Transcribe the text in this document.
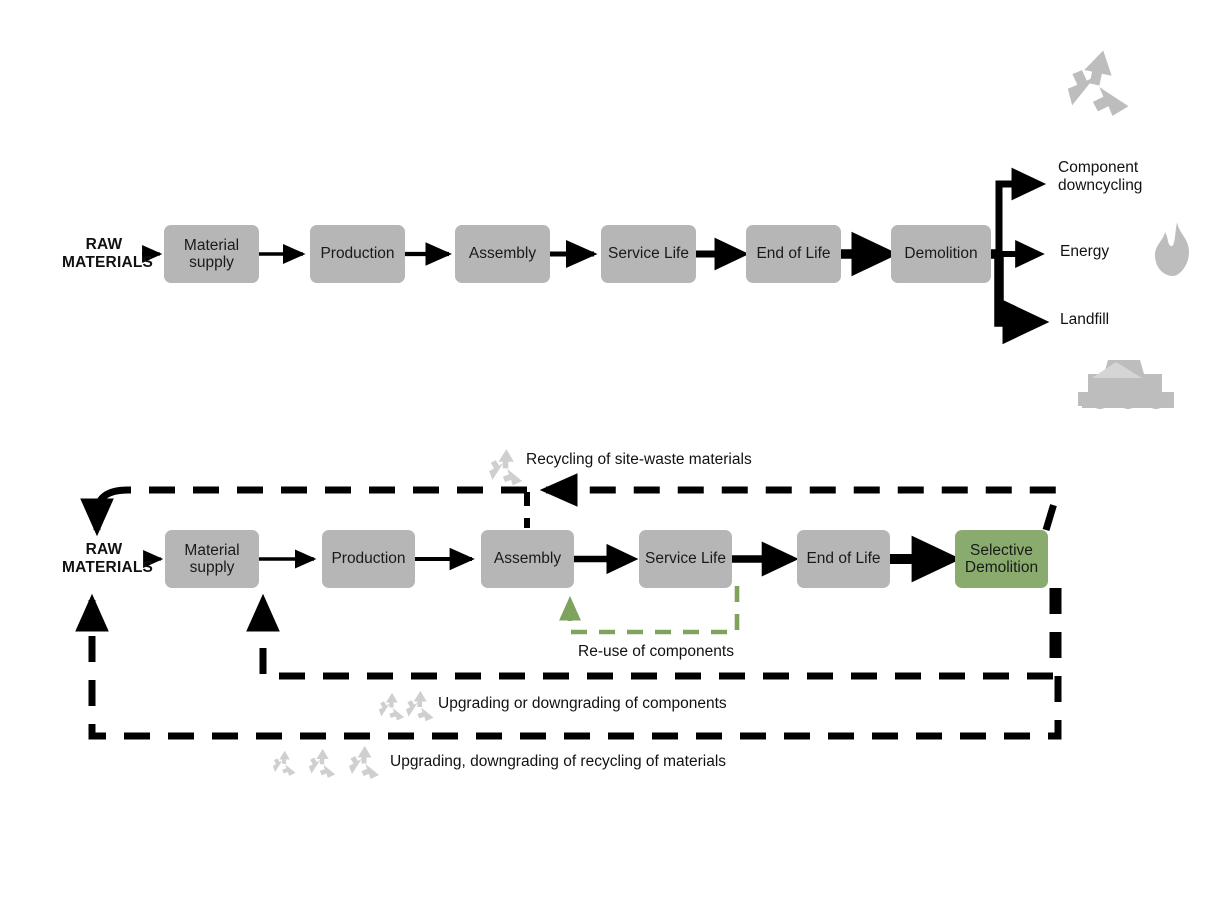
RAW
MATERIALS
Material
supply
Production	Assembly	Service Life	End of Life	Demolition
Component
downcycling
Energy
Landfill
RAW
MATERIALS
Material
supply
Production	Assembly	Service Life	End of Life
Selective
Demolition
Recycling of site-waste materials
Re-use of components
Upgrading or downgrading of components
Upgrading, downgrading of recycling of materials
